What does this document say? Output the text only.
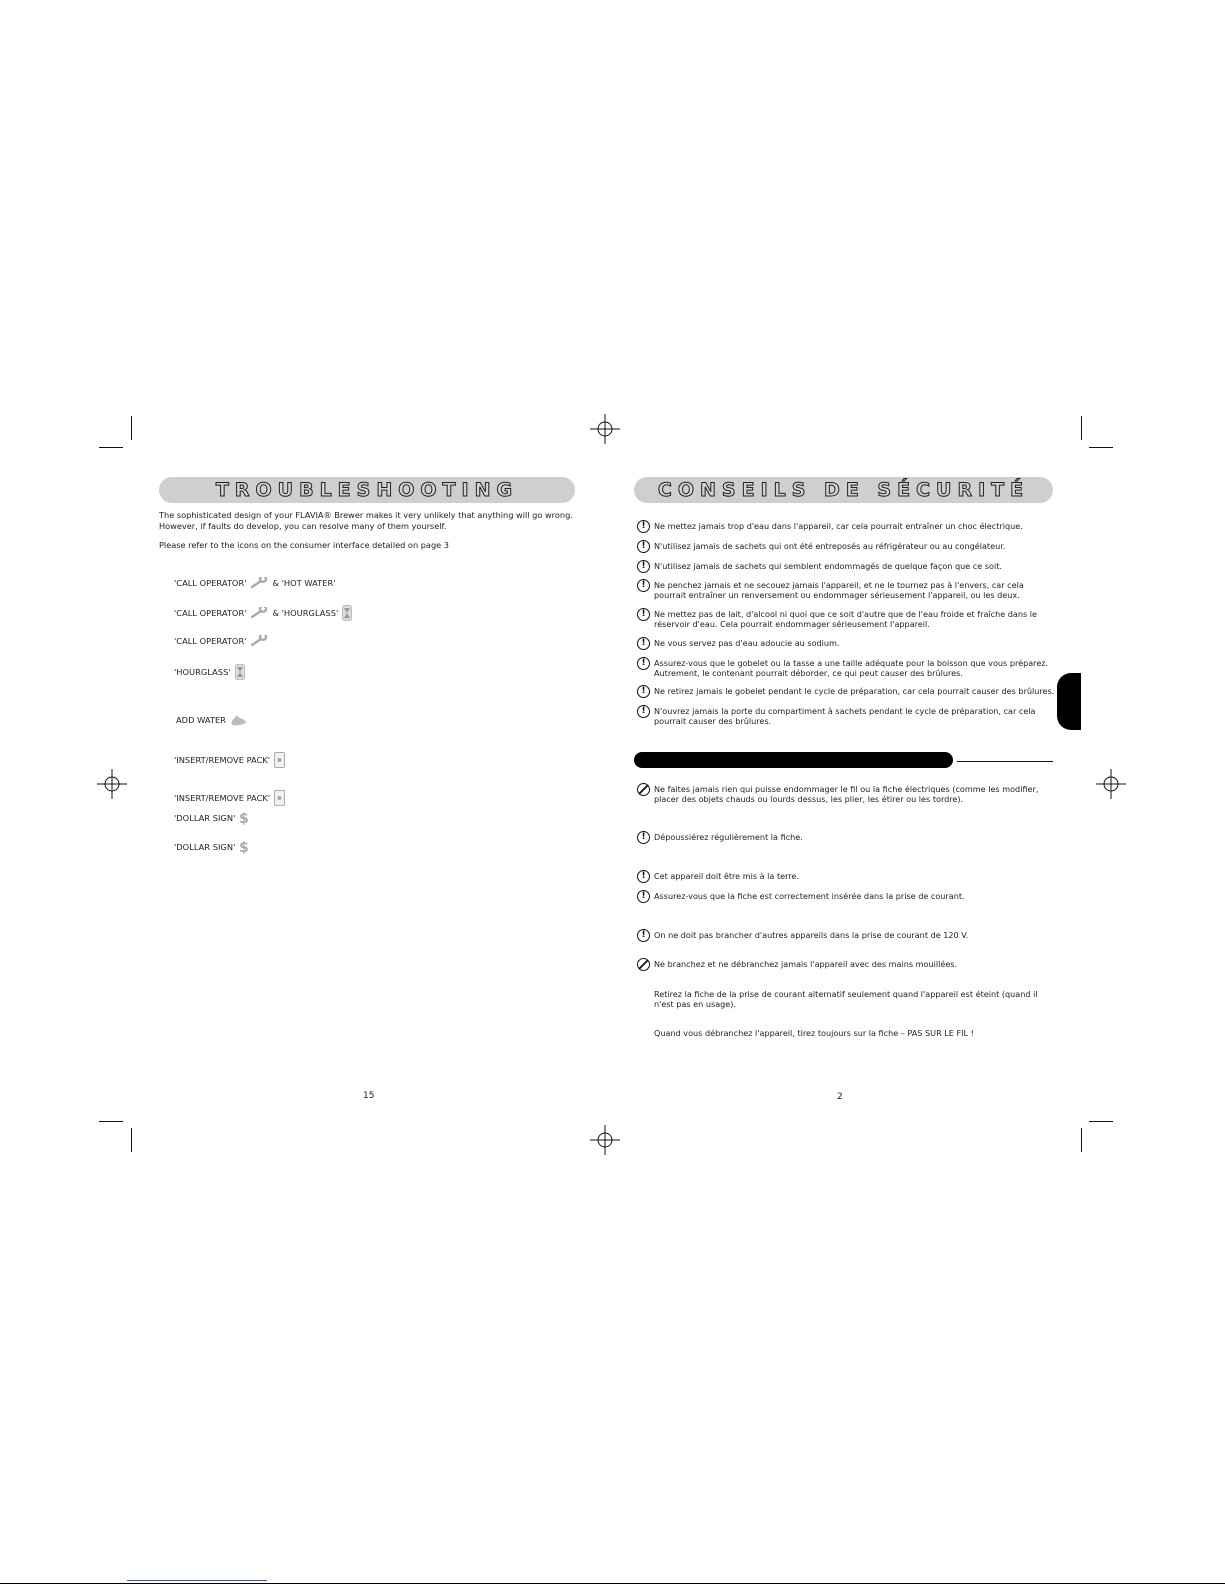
TROUBLESHOOTING
The sophisticated design of your FLAVIA® Brewer makes it very unlikely that anything will go wrong.
However, if faults do develop, you can resolve many of them yourself.
Please refer to the icons on the consumer interface detailed on page 3
'CALL OPERATOR'	& 'HOT WATER'
'CALL OPERATOR'	& 'HOURGLASS'
'CALL OPERATOR'
'HOURGLASS'
ADD WATER
'INSERT/REMOVE PACK'
'INSERT/REMOVE PACK'
'DOLLAR SIGN' $
'DOLLAR SIGN' $
15
CONSEILS DE SÉCURITÉ
!	Ne mettez jamais trop d'eau dans l'appareil, car cela pourrait entraîner un choc électrique.
!	N'utilisez jamais de sachets qui ont été entreposés au réfrigérateur ou au congélateur.
!	N'utilisez jamais de sachets qui semblent endommagés de quelque façon que ce soit.
!	Ne penchez jamais et ne secouez jamais l'appareil, et ne le tournez pas à l'envers, car cela pourrait entraîner un renversement ou endommager sérieusement l'appareil, ou les deux.
!	Ne mettez pas de lait, d'alcool ni quoi que ce soit d'autre que de l'eau froide et fraîche dans le réservoir d'eau. Cela pourrait endommager sérieusement l'appareil.
!	Ne vous servez pas d'eau adoucie au sodium.
!	Assurez-vous que le gobelet ou la tasse a une taille adéquate pour la boisson que vous préparez. Autrement, le contenant pourrait déborder, ce qui peut causer des brûlures.
!	Ne retirez jamais le gobelet pendant le cycle de préparation, car cela pourrait causer des brûlures.
!	N'ouvrez jamais la porte du compartiment à sachets pendant le cycle de préparation, car cela pourrait causer des brûlures.
Ne faites jamais rien qui puisse endommager le fil ou la fiche électriques (comme les modifier, placer des objets chauds ou lourds dessus, les plier, les étirer ou les tordre).
!	Dépoussiérez régulièrement la fiche.
!	Cet appareil doit être mis à la terre.
!	Assurez-vous que la fiche est correctement insérée dans la prise de courant.
!	On ne doit pas brancher d'autres appareils dans la prise de courant de 120 V.
Ne branchez et ne débranchez jamais l'appareil avec des mains mouillées.
Retirez la fiche de la prise de courant alternatif seulement quand l'appareil est éteint (quand il n'est pas en usage).
Quand vous débranchez l'appareil, tirez toujours sur la fiche – PAS SUR LE FIL !
2
